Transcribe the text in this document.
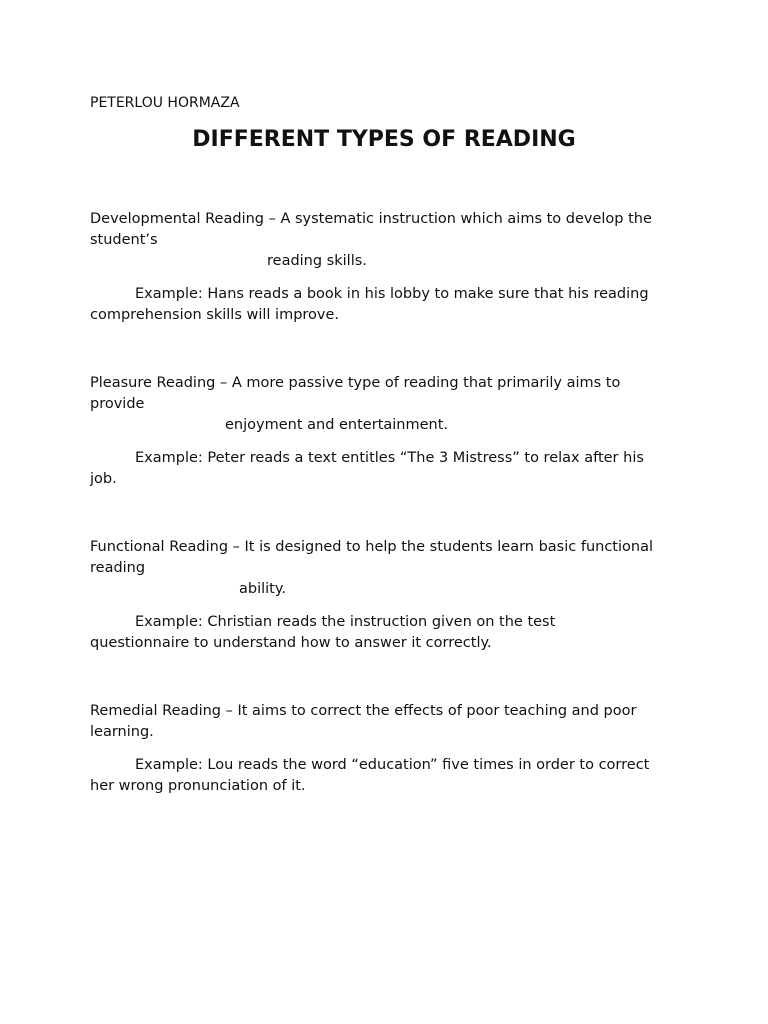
PETERLOU HORMAZA
DIFFERENT TYPES OF READING
Developmental Reading – A systematic instruction which aims to develop the
student’s
reading skills.
Example: Hans reads a book in his lobby to make sure that his reading
comprehension skills will improve.
Pleasure Reading – A more passive type of reading that primarily aims to
provide
enjoyment and entertainment.
Example: Peter reads a text entitles “The 3 Mistress” to relax after his
job.
Functional Reading – It is designed to help the students learn basic functional
reading
ability.
Example: Christian reads the instruction given on the test
questionnaire to understand how to answer it correctly.
Remedial Reading – It aims to correct the effects of poor teaching and poor
learning.
Example: Lou reads the word “education” five times in order to correct
her wrong pronunciation of it.
